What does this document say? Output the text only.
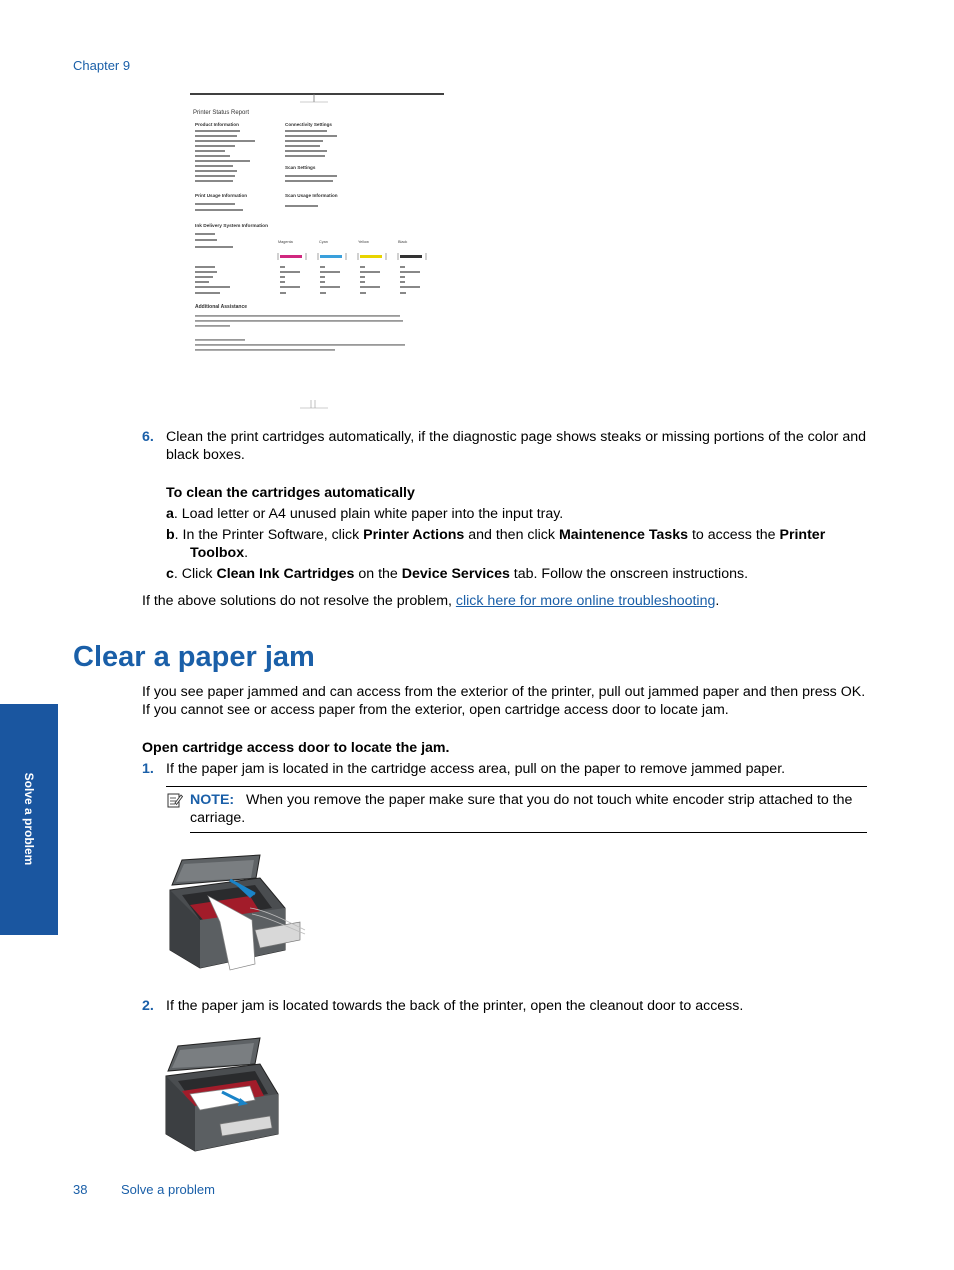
Chapter 9
Solve a problem
Printer Status Report
Product Information	Connectivity Settings
Scan Settings
Print Usage Information	Scan Usage Information
Ink Delivery System Information
Magenta	Cyan	Yellow	Black
Additional Assistance
6. Clean the print cartridges automatically, if the diagnostic page shows steaks or missing portions of the color and
black boxes.
To clean the cartridges automatically
a. Load letter or A4 unused plain white paper into the input tray.
b. In the Printer Software, click Printer Actions and then click Maintenence Tasks to access the Printer
Toolbox.
c. Click Clean Ink Cartridges on the Device Services tab. Follow the onscreen instructions.
If the above solutions do not resolve the problem, click here for more online troubleshooting.
Clear a paper jam
If you see paper jammed and can access from the exterior of the printer, pull out jammed paper and then press OK.
If you cannot see or access paper from the exterior, open cartridge access door to locate jam.
Open cartridge access door to locate the jam.
1. If the paper jam is located in the cartridge access area, pull on the paper to remove jammed paper.
NOTE: When you remove the paper make sure that you do not touch white encoder strip attached to the
carriage.
2. If the paper jam is located towards the back of the printer, open the cleanout door to access.
38	Solve a problem
